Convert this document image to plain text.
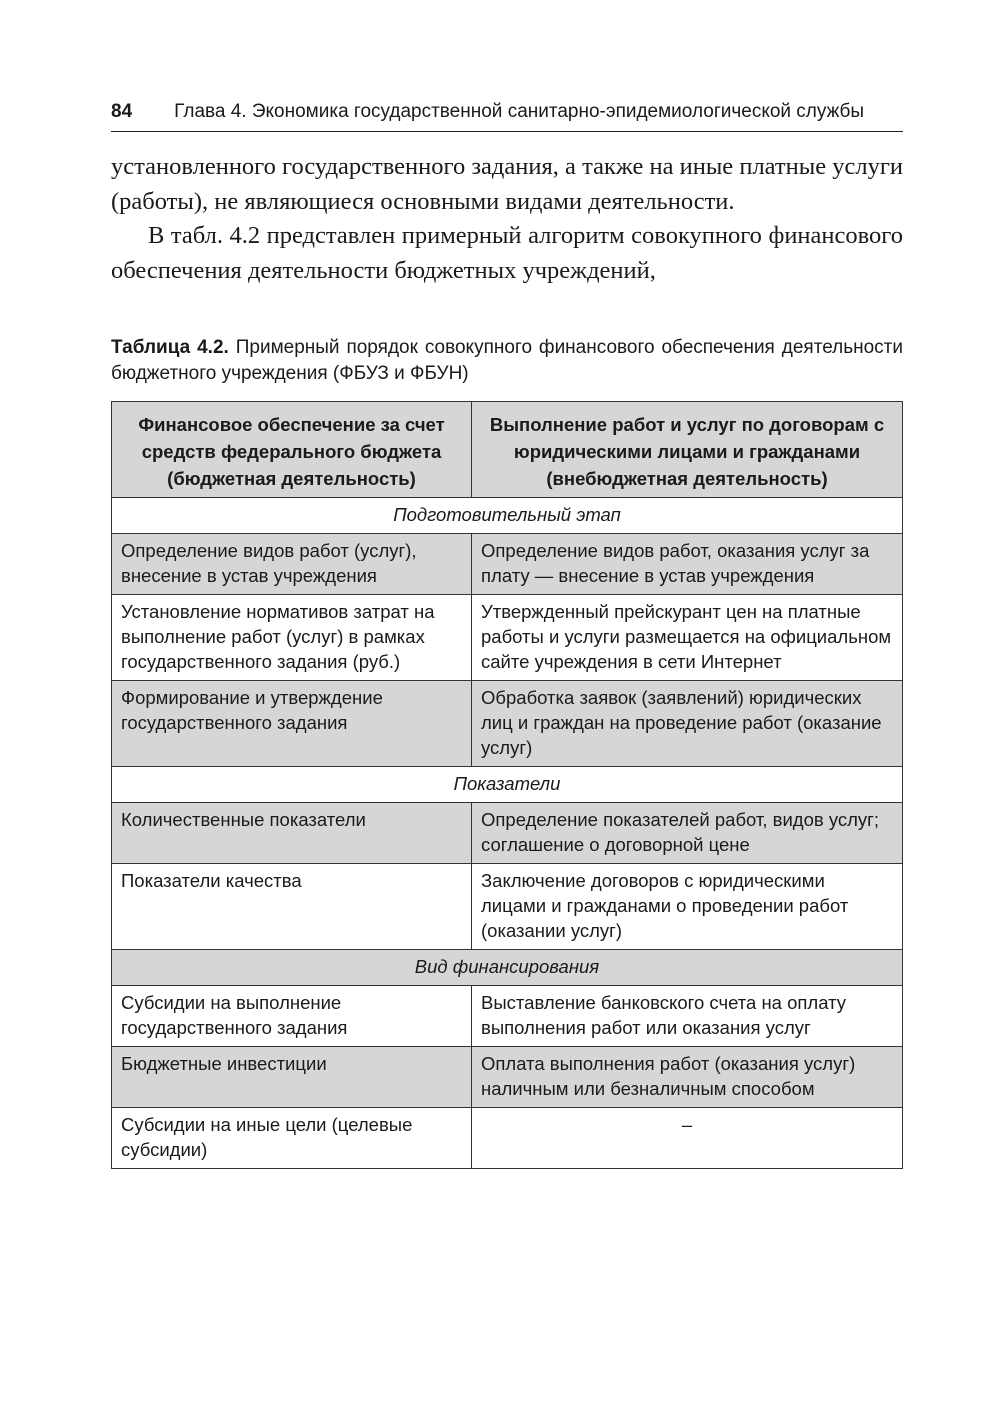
84 Глава 4. Экономика государственной санитарно-эпидемиологической службы

установленного государственного задания, а также на иные платные услуги (работы), не являющиеся основными видами деятельности.

В табл. 4.2 представлен примерный алгоритм совокупного финансового обеспечения деятельности бюджетных учреждений,

Таблица 4.2. Примерный порядок совокупного финансового обеспечения деятельности бюджетного учреждения (ФБУЗ и ФБУН)
Финансовое обеспечение за счет средств федерального бюджета (бюджетная деятельность)	Выполнение работ и услуг по договорам с юридическими лицами и гражданами (внебюджетная деятельность)
Подготовительный этап	
Определение видов работ (услуг), внесение в устав учреждения	Определение видов работ, оказания услуг за плату — внесение в устав учреждения
Установление нормативов затрат на выполнение работ (услуг) в рамках государственного задания (руб.)	Утвержденный прейскурант цен на платные работы и услуги размещается на официальном сайте учреждения в сети Интернет
Формирование и утверждение государственного задания	Обработка заявок (заявлений) юридических лиц и граждан на проведение работ (оказание услуг)
Показатели	
Количественные показатели	Определение показателей работ, видов услуг; соглашение о договорной цене
Показатели качества	Заключение договоров с юридическими лицами и гражданами о проведении работ (оказании услуг)
Вид финансирования	
Субсидии на выполнение государственного задания	Выставление банковского счета на оплату выполнения работ или оказания услуг
Бюджетные инвестиции	Оплата выполнения работ (оказания услуг) наличным или безналичным способом
Субсидии на иные цели (целевые субсидии)	–
